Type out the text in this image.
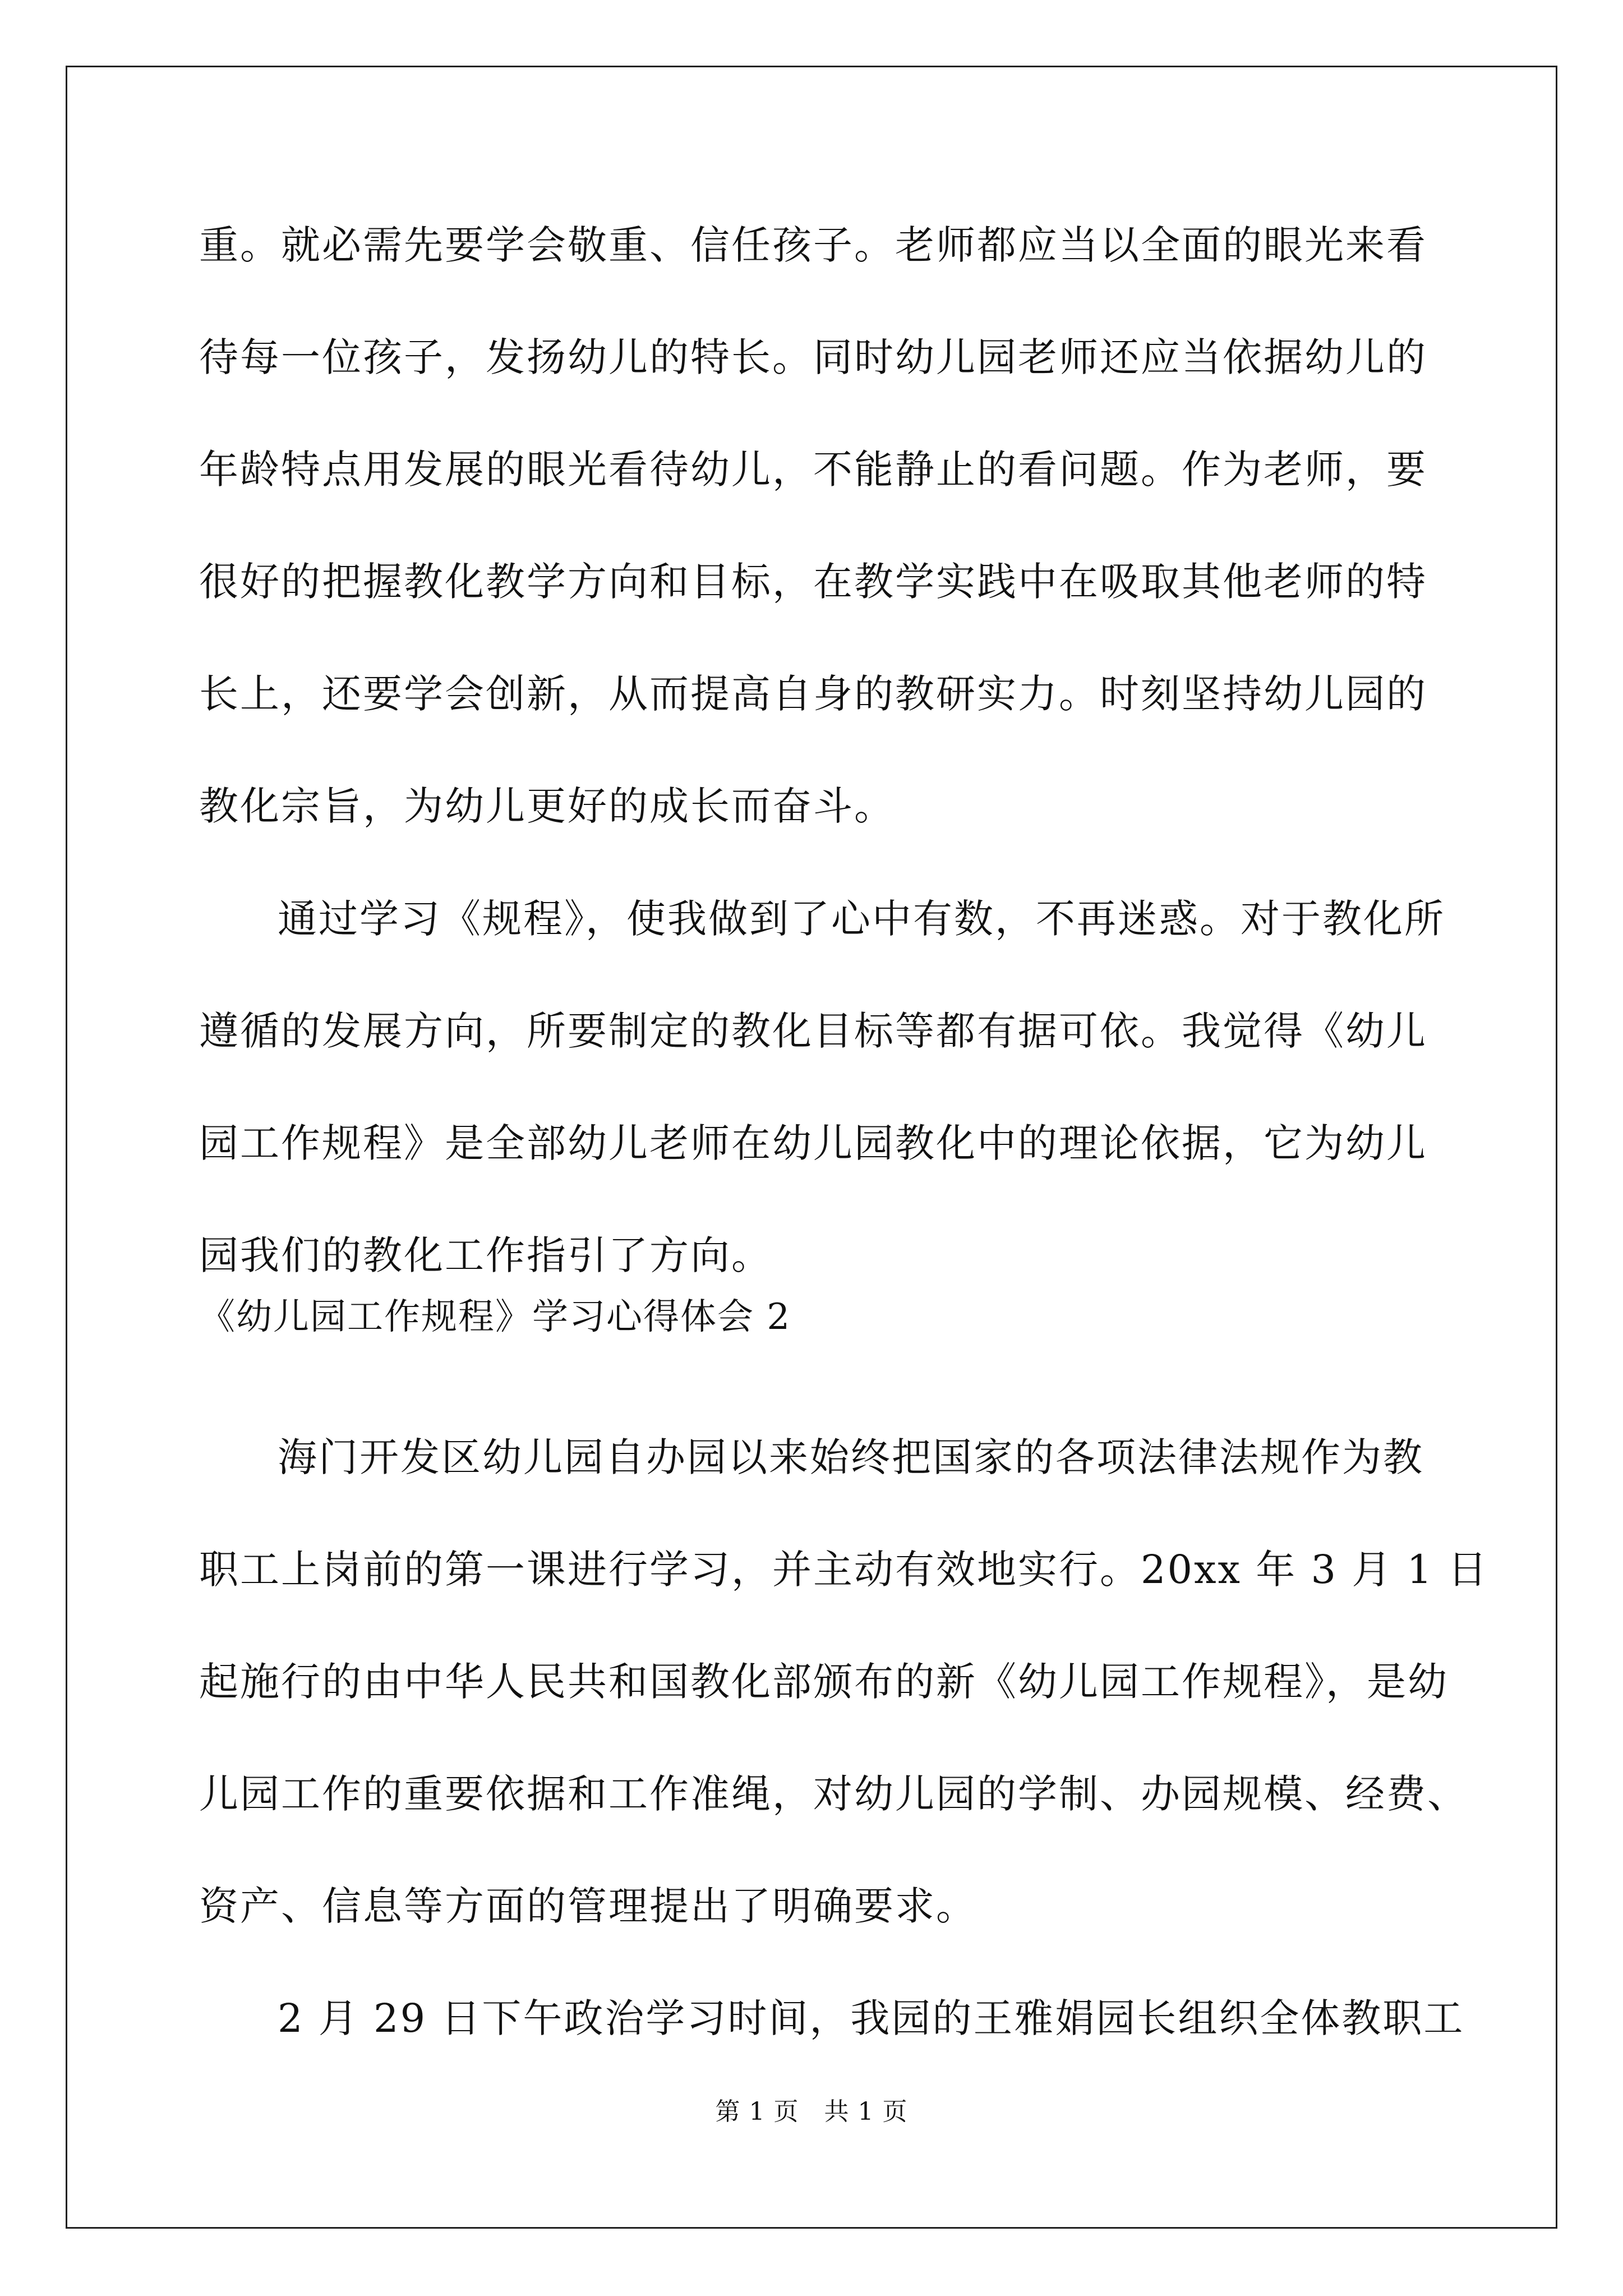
重。就必需先要学会敬重、信任孩子。老师都应当以全面的眼光来看
待每一位孩子，发扬幼儿的特长。同时幼儿园老师还应当依据幼儿的
年龄特点用发展的眼光看待幼儿，不能静止的看问题。作为老师，要
很好的把握教化教学方向和目标，在教学实践中在吸取其他老师的特
长上，还要学会创新，从而提高自身的教研实力。时刻坚持幼儿园的
教化宗旨，为幼儿更好的成长而奋斗。
通过学习《规程》，使我做到了心中有数，不再迷惑。对于教化所
遵循的发展方向，所要制定的教化目标等都有据可依。我觉得《幼儿
园工作规程》是全部幼儿老师在幼儿园教化中的理论依据，它为幼儿
园我们的教化工作指引了方向。
海门开发区幼儿园自办园以来始终把国家的各项法律法规作为教
职工上岗前的第一课进行学习，并主动有效地实行。20xx 年 3 月 1 日
起施行的由中华人民共和国教化部颁布的新《幼儿园工作规程》，是幼
儿园工作的重要依据和工作准绳，对幼儿园的学制、办园规模、经费、
资产、信息等方面的管理提出了明确要求。
2 月 29 日下午政治学习时间，我园的王雅娟园长组织全体教职工
《幼儿园工作规程》学习心得体会 2
第 1 页　共 1 页
